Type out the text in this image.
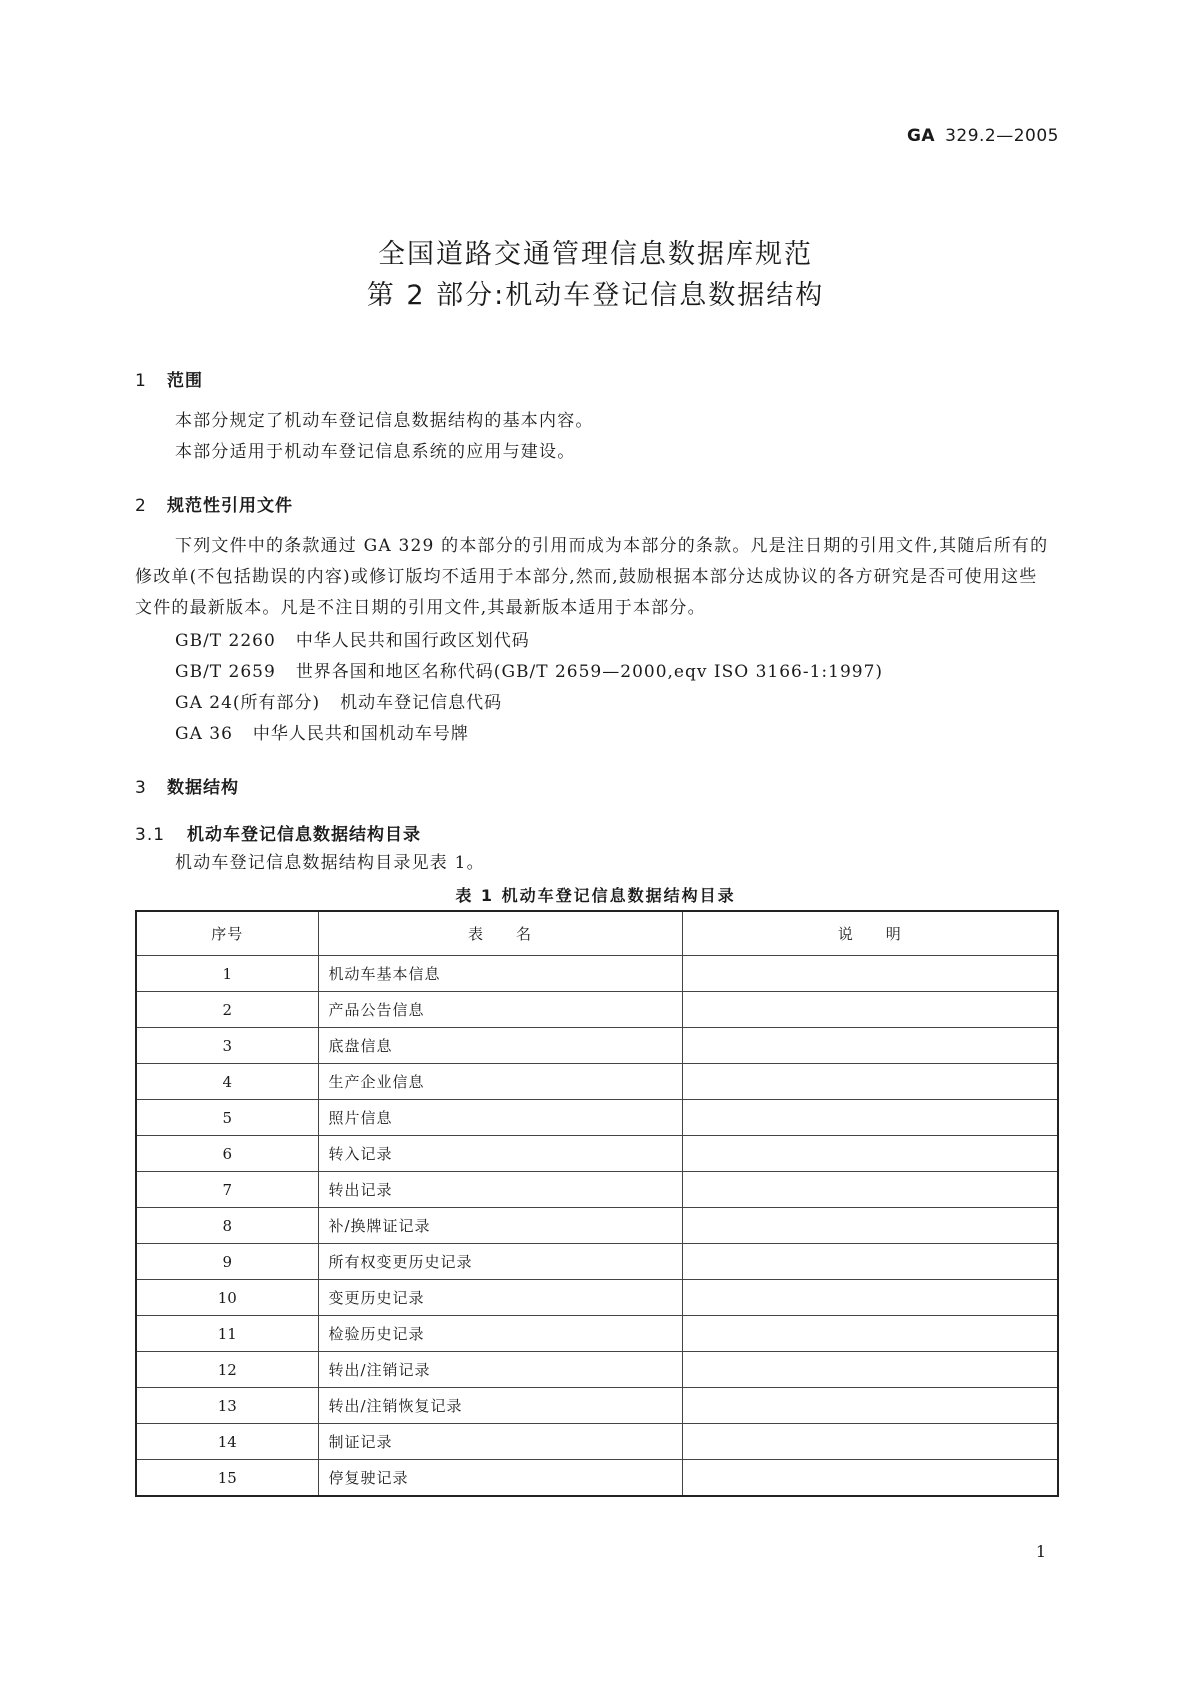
GA 329.2—2005
全国道路交通管理信息数据库规范
第 2 部分:机动车登记信息数据结构
1 范围
本部分规定了机动车登记信息数据结构的基本内容。
本部分适用于机动车登记信息系统的应用与建设。
2 规范性引用文件
下列文件中的条款通过 GA 329 的本部分的引用而成为本部分的条款。凡是注日期的引用文件,其随后所有的修改单(不包括勘误的内容)或修订版均不适用于本部分,然而,鼓励根据本部分达成协议的各方研究是否可使用这些文件的最新版本。凡是不注日期的引用文件,其最新版本适用于本部分。
GB/T 2260 中华人民共和国行政区划代码
GB/T 2659 世界各国和地区名称代码(GB/T 2659—2000,eqv ISO 3166-1:1997)
GA 24(所有部分) 机动车登记信息代码
GA 36 中华人民共和国机动车号牌
3 数据结构
3.1 机动车登记信息数据结构目录
机动车登记信息数据结构目录见表 1。
表 1 机动车登记信息数据结构目录
序号	表　　名	说　　明
1	机动车基本信息	
2	产品公告信息	
3	底盘信息	
4	生产企业信息	
5	照片信息	
6	转入记录	
7	转出记录	
8	补/换牌证记录	
9	所有权变更历史记录	
10	变更历史记录	
11	检验历史记录	
12	转出/注销记录	
13	转出/注销恢复记录	
14	制证记录	
15	停复驶记录	
1
